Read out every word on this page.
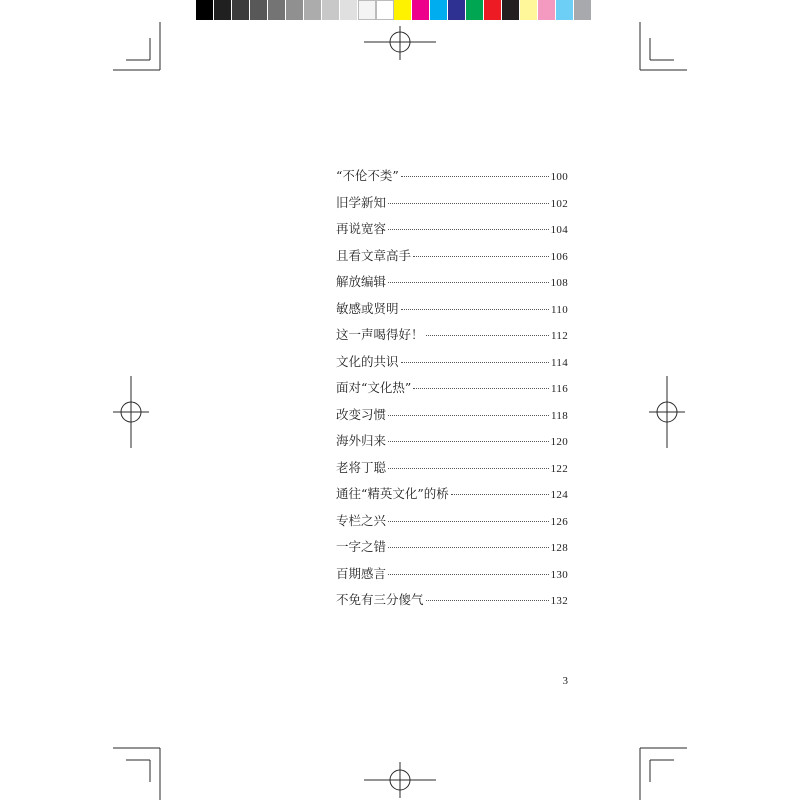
“不伦不类”	100
旧学新知	102
再说宽容	104
且看文章高手	106
解放编辑	108
敏感或贤明	110
这一声喝得好！	112
文化的共识	114
面对“文化热”	116
改变习惯	118
海外归来	120
老将丁聪	122
通往“精英文化”的桥	124
专栏之兴	126
一字之错	128
百期感言	130
不免有三分傻气	132
3
